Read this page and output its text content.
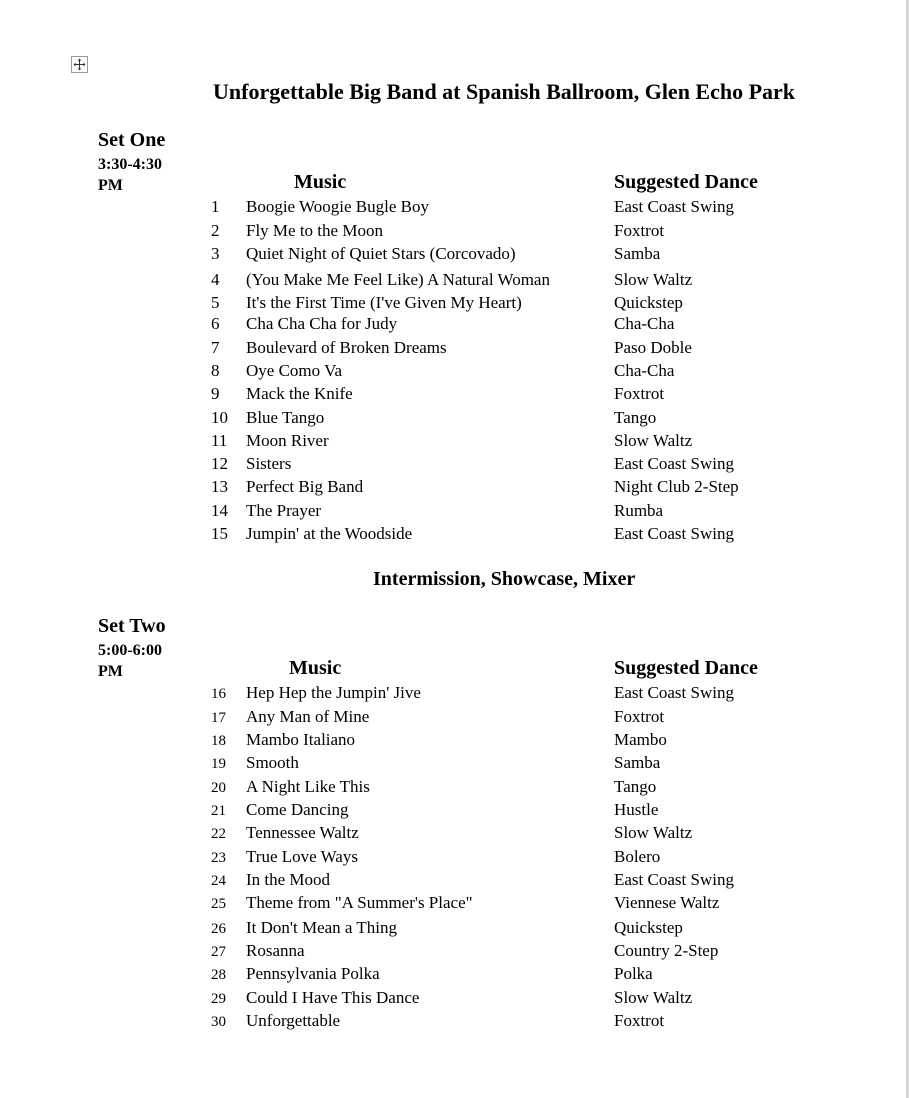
Unforgettable Big Band at Spanish Ballroom, Glen Echo Park
Set One
3:30-4:30 PM	Music	Suggested Dance
1 Boogie Woogie Bugle Boy	East Coast Swing
2 Fly Me to the Moon	Foxtrot
3 Quiet Night of Quiet Stars (Corcovado)	Samba
4 (You Make Me Feel Like) A Natural Woman	Slow Waltz
5 It's the First Time (I've Given My Heart)	Quickstep
6 Cha Cha Cha for Judy	Cha-Cha
7 Boulevard of Broken Dreams	Paso Doble
8 Oye Como Va	Cha-Cha
9 Mack the Knife	Foxtrot
10 Blue Tango	Tango
11 Moon River	Slow Waltz
12 Sisters	East Coast Swing
13 Perfect Big Band	Night Club 2-Step
14 The Prayer	Rumba
15 Jumpin' at the Woodside	East Coast Swing
Intermission, Showcase, Mixer
Set Two
5:00-6:00 PM	Music	Suggested Dance
16 Hep Hep the Jumpin' Jive	East Coast Swing
17 Any Man of Mine	Foxtrot
18 Mambo Italiano	Mambo
19 Smooth	Samba
20 A Night Like This	Tango
21 Come Dancing	Hustle
22 Tennessee Waltz	Slow Waltz
23 True Love Ways	Bolero
24 In the Mood	East Coast Swing
25 Theme from "A Summer's Place"	Viennese Waltz
26 It Don't Mean a Thing	Quickstep
27 Rosanna	Country 2-Step
28 Pennsylvania Polka	Polka
29 Could I Have This Dance	Slow Waltz
30 Unforgettable	Foxtrot
